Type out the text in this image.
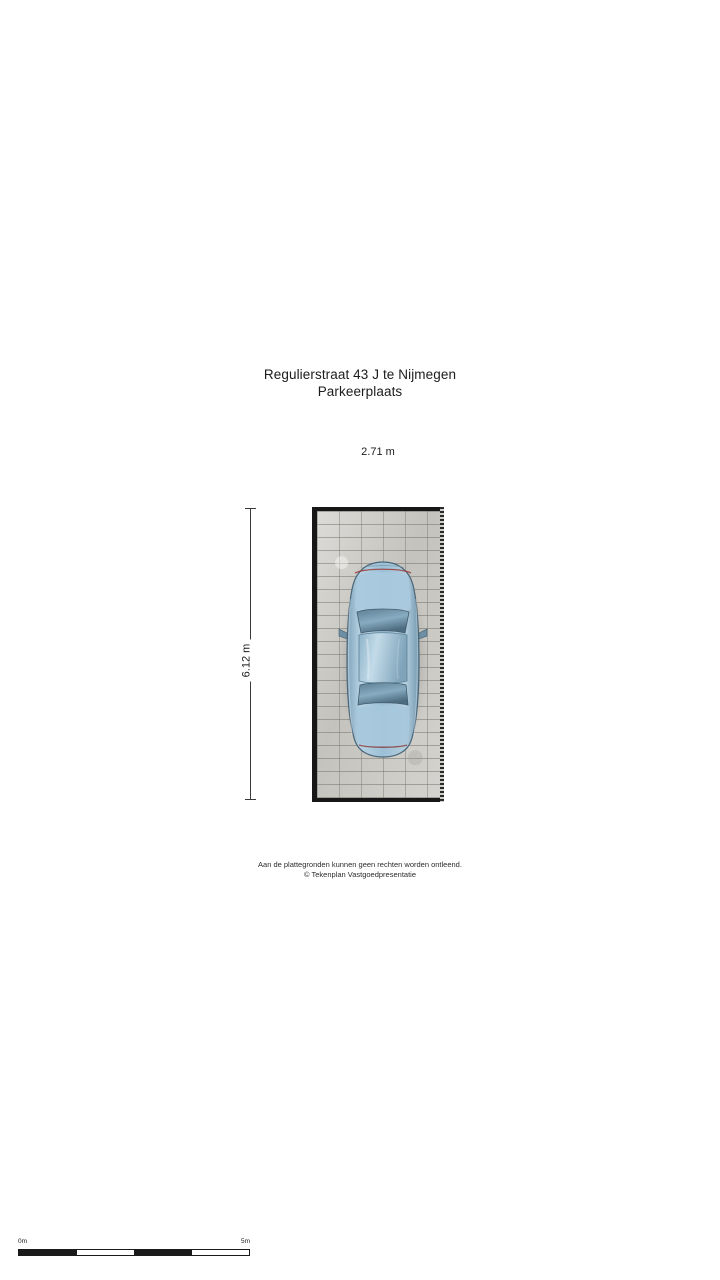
Regulierstraat 43 J te Nijmegen
Parkeerplaats
2.71 m
6.12 m
Aan de plattegronden kunnen geen rechten worden ontleend.
© Tekenplan Vastgoedpresentatie
0m	5m
